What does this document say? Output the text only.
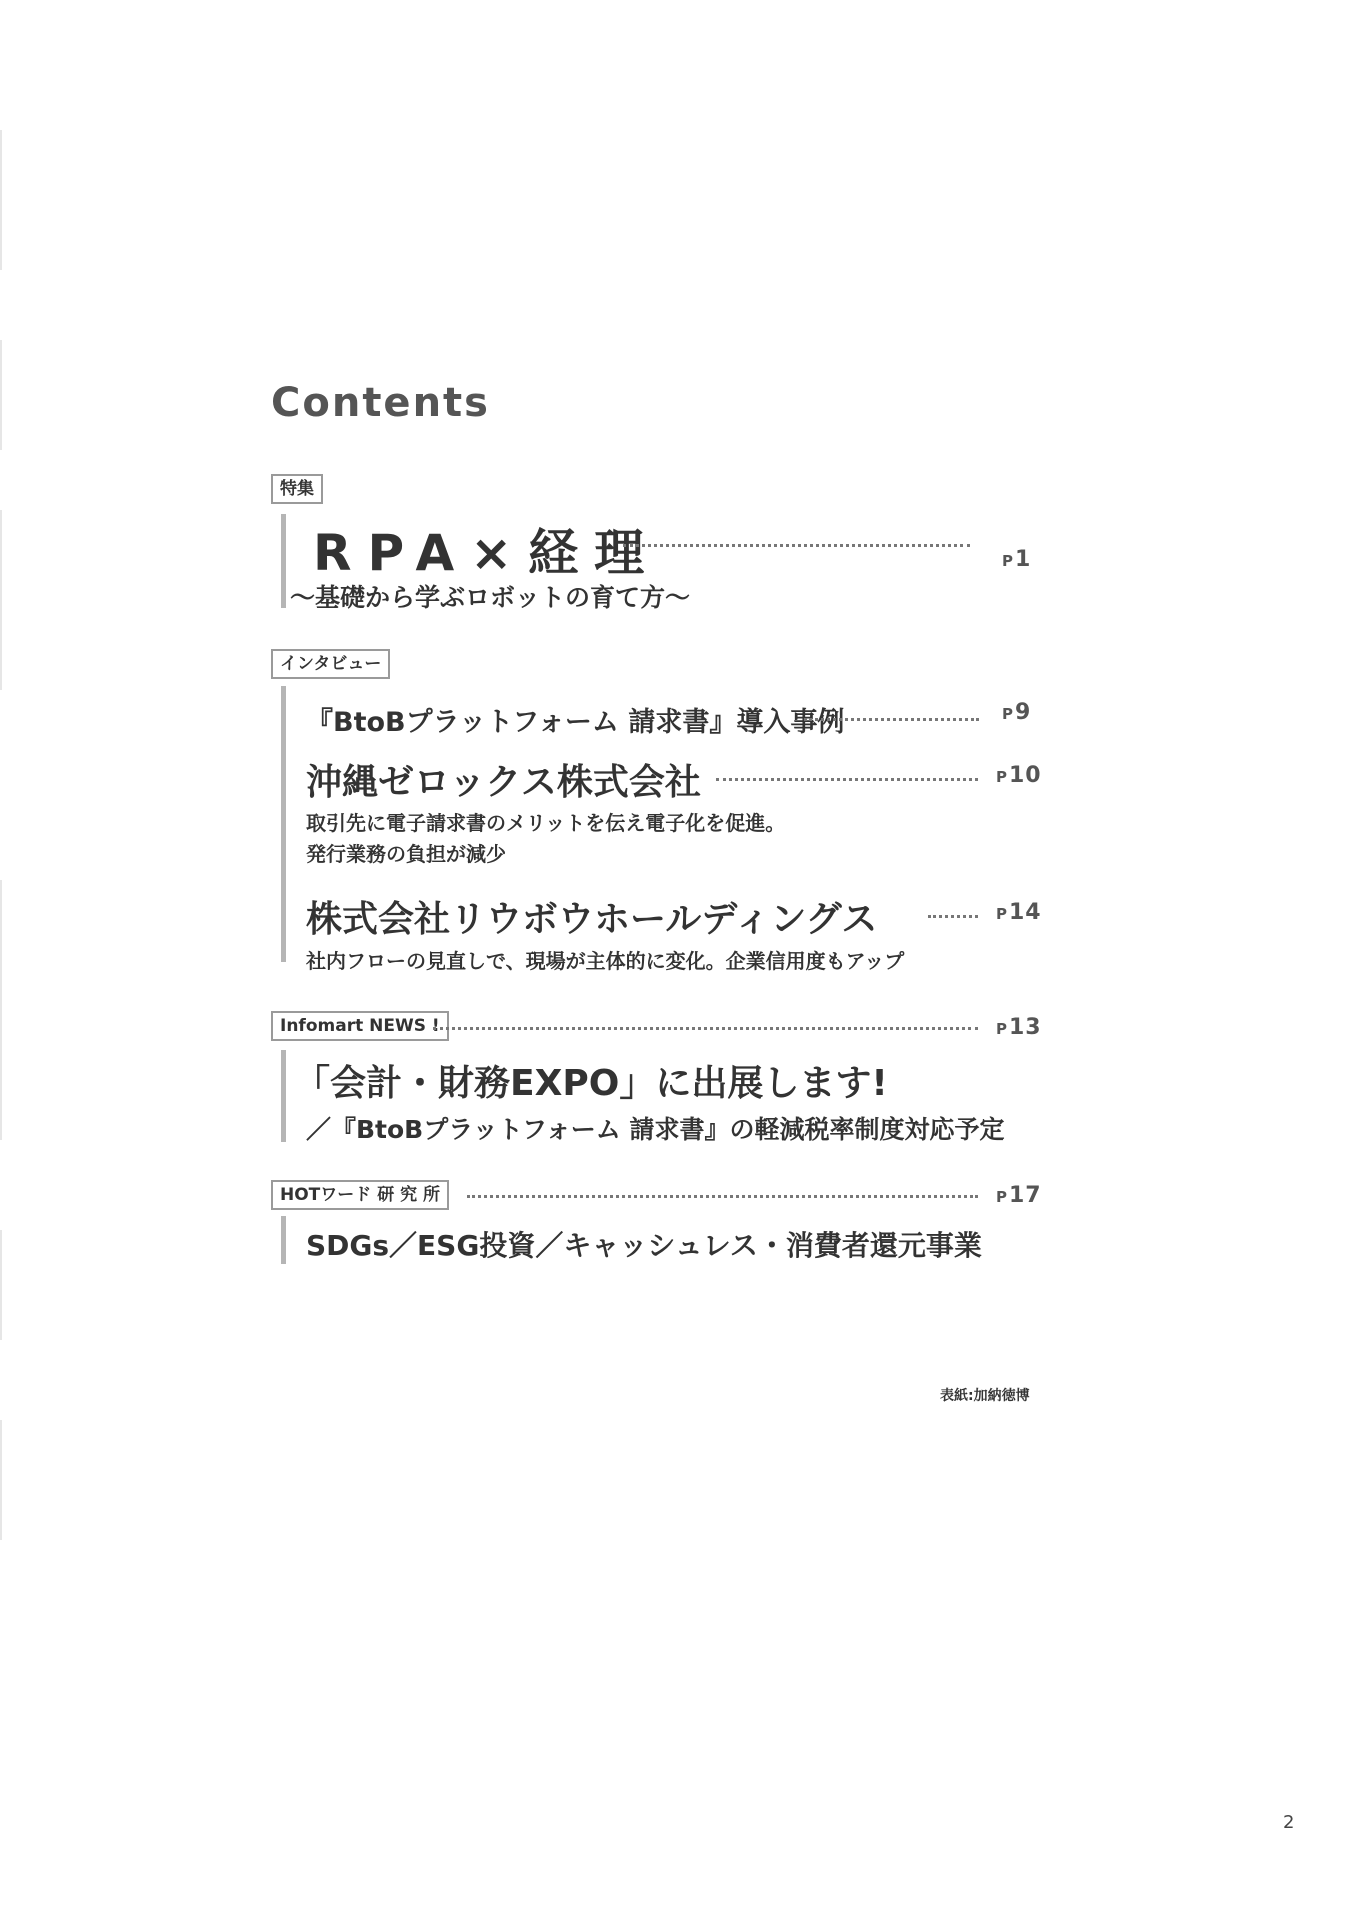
Contents
特集
RPA×経理	P1
〜基礎から学ぶロボットの育て方〜
インタビュー
『BtoBプラットフォーム 請求書』導入事例	P9
沖縄ゼロックス株式会社	P10
取引先に電子請求書のメリットを伝え電子化を促進。
発行業務の負担が減少
株式会社リウボウホールディングス	P14
社内フローの見直しで、現場が主体的に変化。企業信用度もアップ
Infomart NEWS !	P13
「会計・財務EXPO」に出展します!
／『BtoBプラットフォーム 請求書』の軽減税率制度対応予定
HOTワード 研 究 所	P17
SDGs／ESG投資／キャッシュレス・消費者還元事業
表紙:加納徳博
2
